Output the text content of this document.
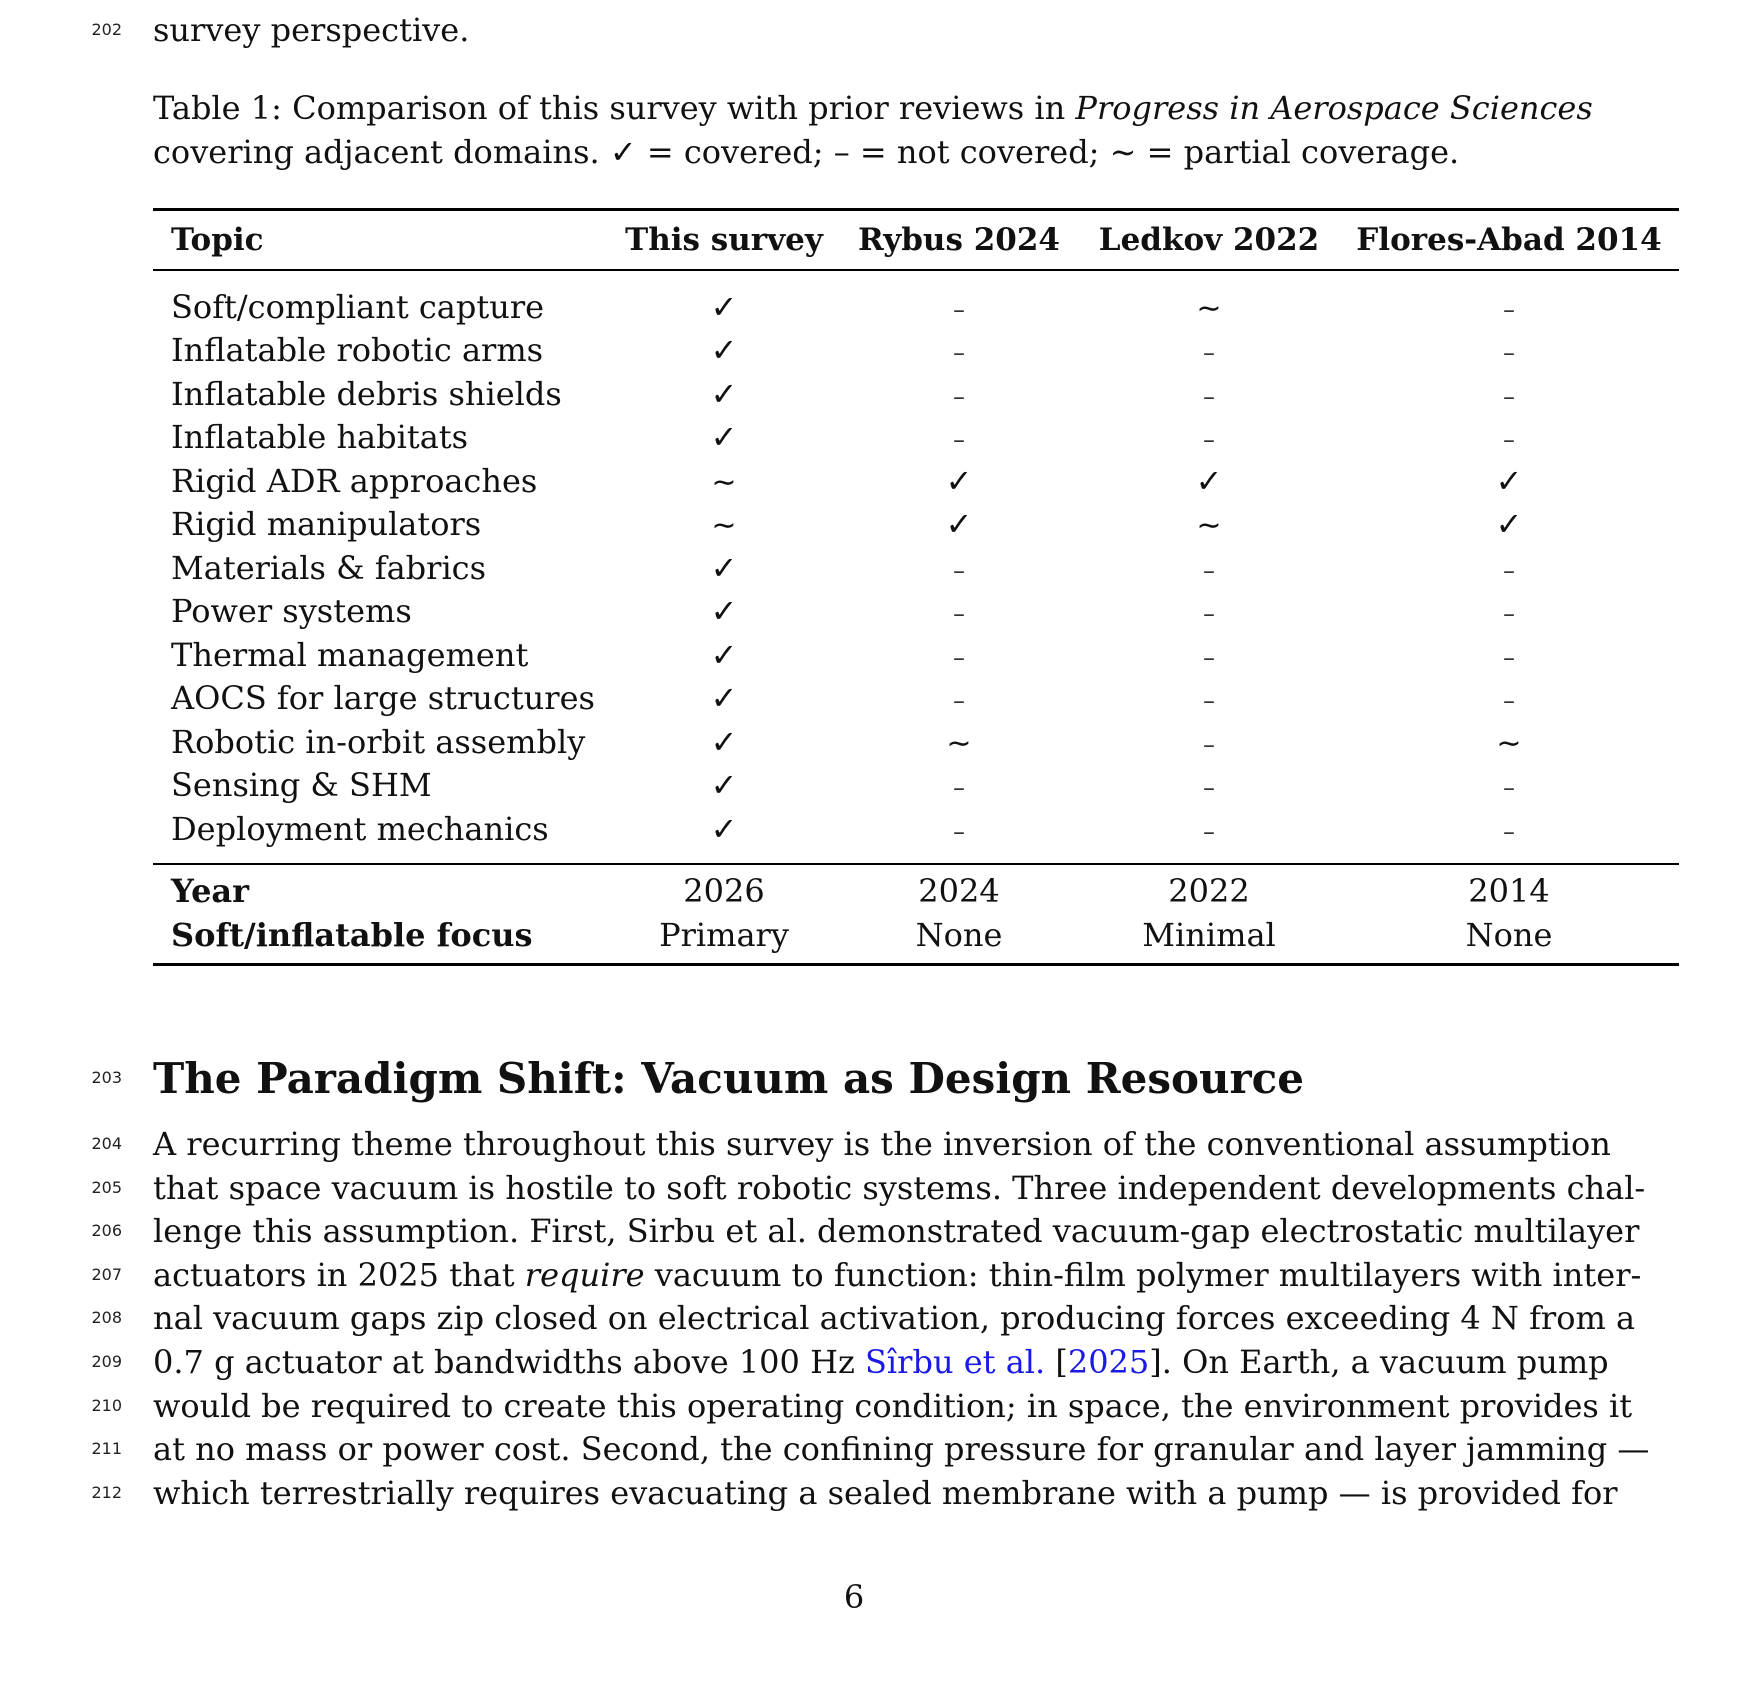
202 survey perspective.
Table 1: Comparison of this survey with prior reviews in Progress in Aerospace Sciences
covering adjacent domains. ✓ = covered; – = not covered; ∼ = partial coverage.
Topic	This survey	Rybus 2024	Ledkov 2022	Flores-Abad 2014
Soft/compliant capture	✓	–	∼	–
Inflatable robotic arms	✓	–	–	–
Inflatable debris shields	✓	–	–	–
Inflatable habitats	✓	–	–	–
Rigid ADR approaches	∼	✓	✓	✓
Rigid manipulators	∼	✓	∼	✓
Materials & fabrics	✓	–	–	–
Power systems	✓	–	–	–
Thermal management	✓	–	–	–
AOCS for large structures	✓	–	–	–
Robotic in-orbit assembly	✓	∼	–	∼
Sensing & SHM	✓	–	–	–
Deployment mechanics	✓	–	–	–
Year	2026	2024	2022	2014
Soft/inflatable focus	Primary	None	Minimal	None
203 The Paradigm Shift: Vacuum as Design Resource
204 A recurring theme throughout this survey is the inversion of the conventional assumption
205 that space vacuum is hostile to soft robotic systems. Three independent developments chal-
206 lenge this assumption. First, Sirbu et al. demonstrated vacuum-gap electrostatic multilayer
207 actuators in 2025 that require vacuum to function: thin-film polymer multilayers with inter-
208 nal vacuum gaps zip closed on electrical activation, producing forces exceeding 4 N from a
209 0.7 g actuator at bandwidths above 100 Hz Sîrbu et al. [2025]. On Earth, a vacuum pump
210 would be required to create this operating condition; in space, the environment provides it
211 at no mass or power cost. Second, the confining pressure for granular and layer jamming —
212 which terrestrially requires evacuating a sealed membrane with a pump — is provided for
6
